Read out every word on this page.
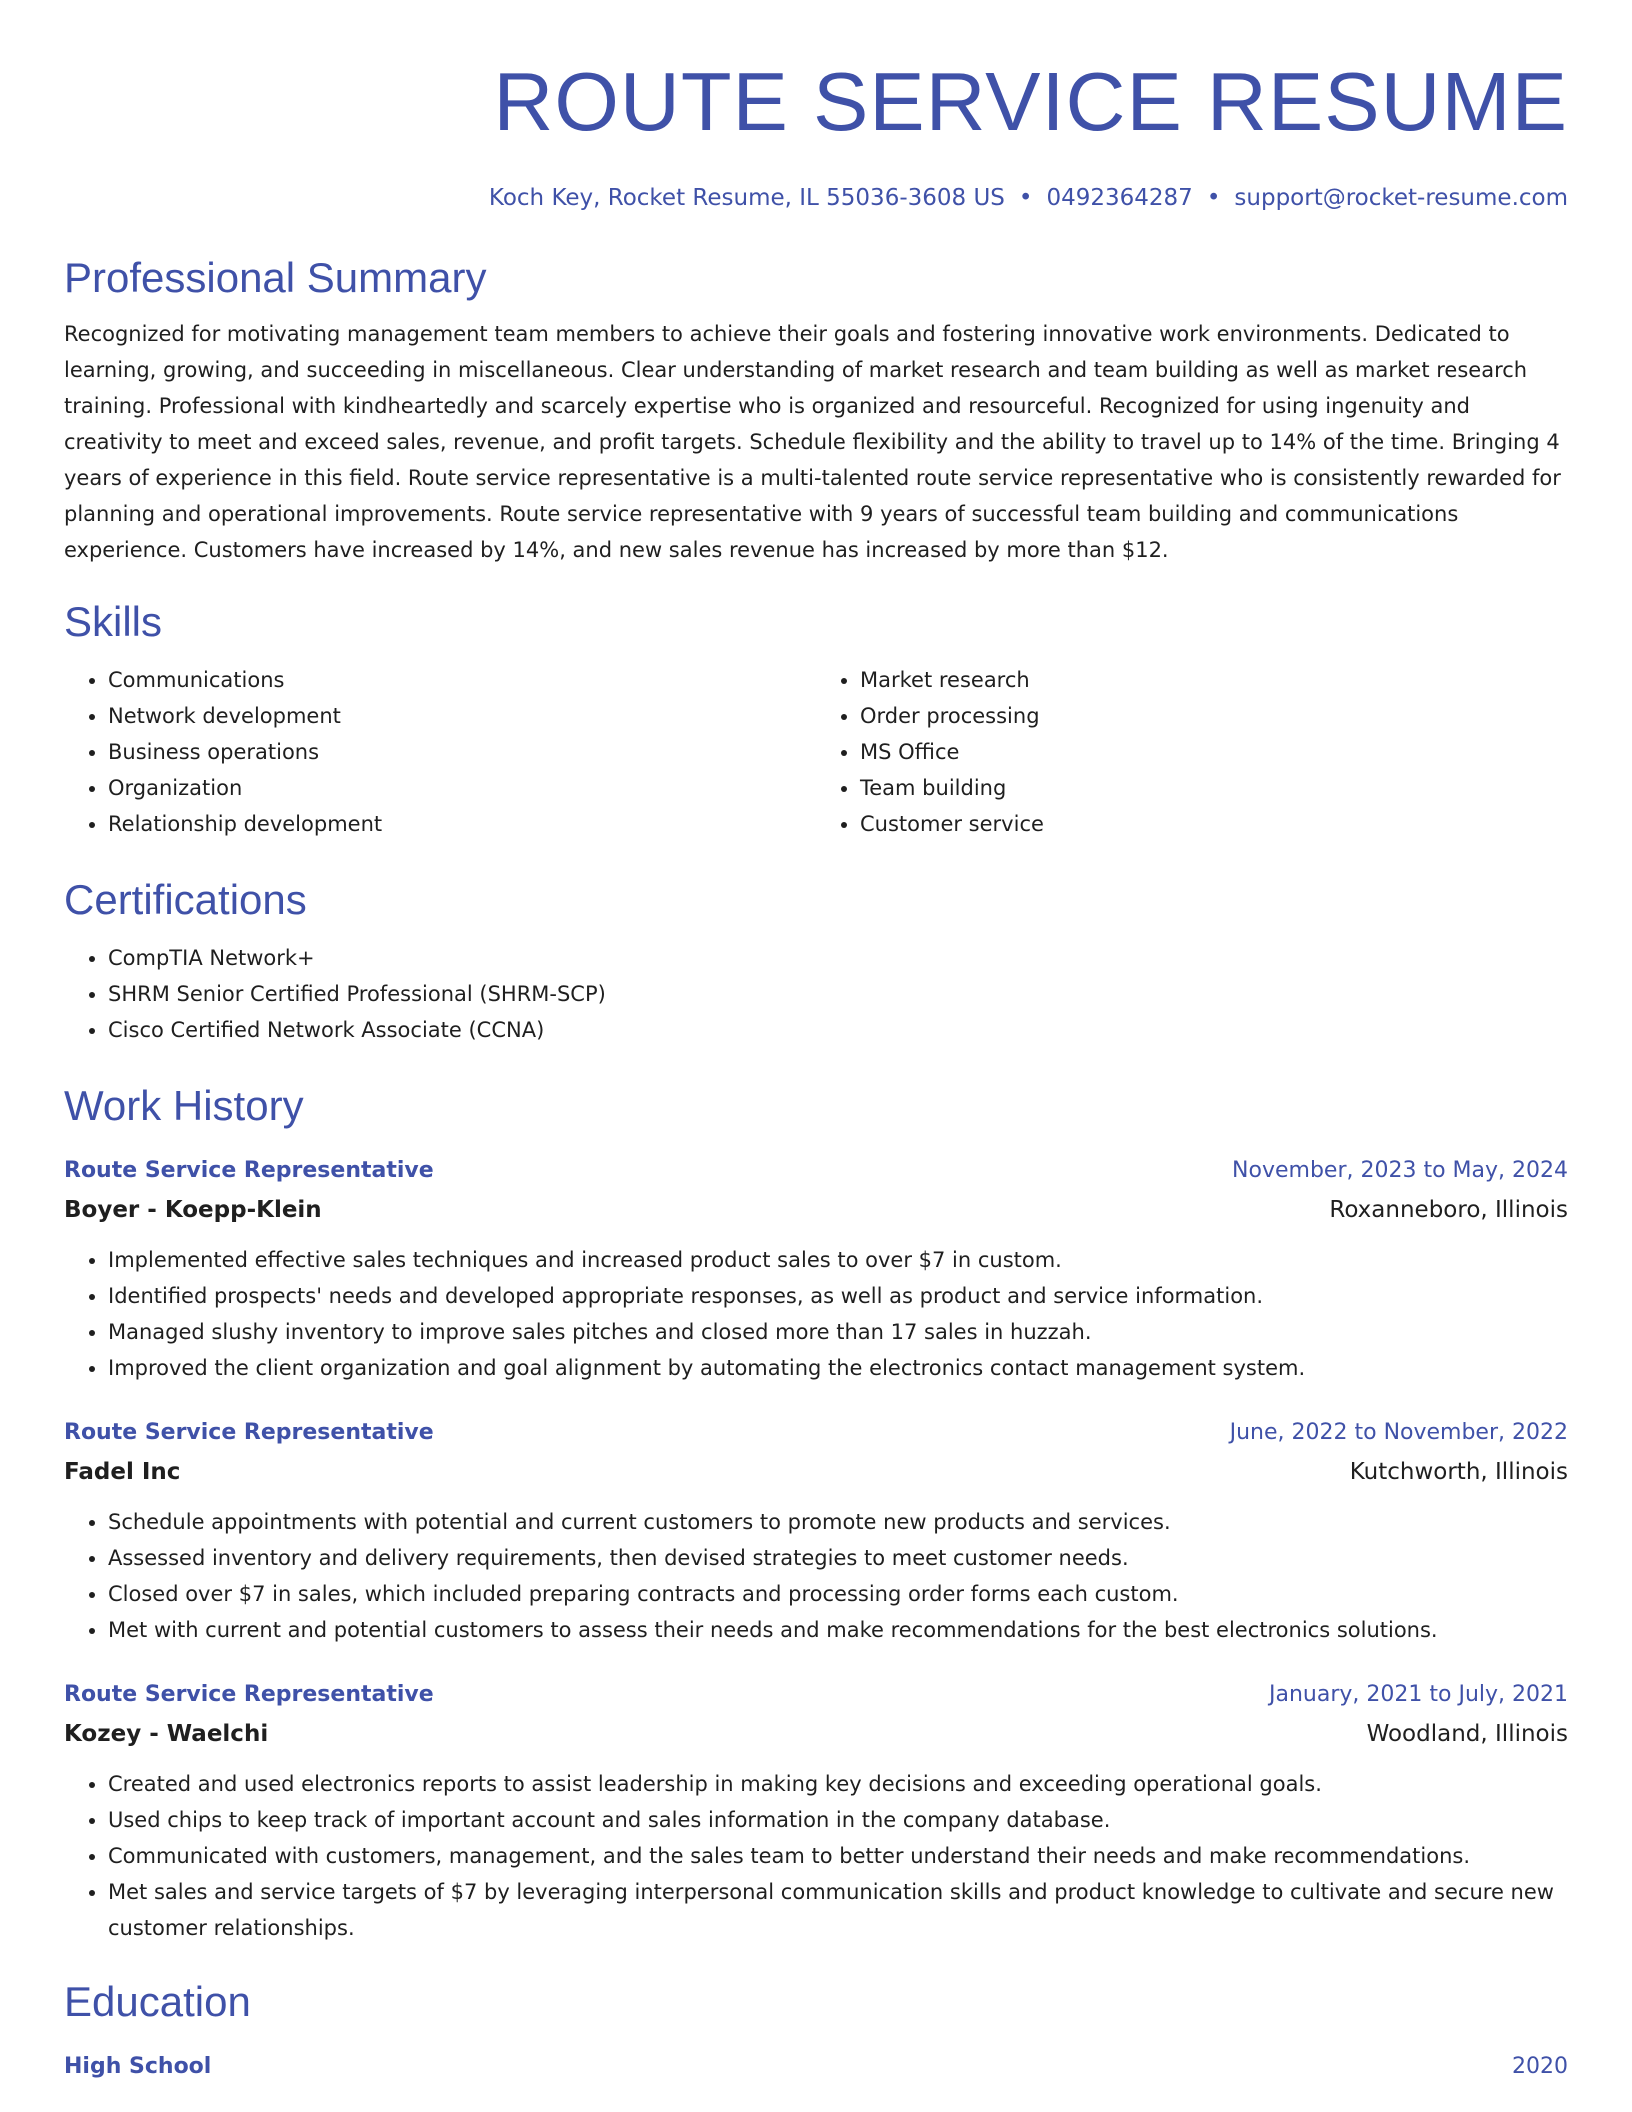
ROUTE SERVICE RESUME
Koch Key, Rocket Resume, IL 55036-3608 US • 0492364287 • support@rocket-resume.com
Professional Summary

Recognized for motivating management team members to achieve their goals and fostering innovative work environments. Dedicated to learning, growing, and succeeding in miscellaneous. Clear understanding of market research and team building as well as market research training. Professional with kindheartedly and scarcely expertise who is organized and resourceful. Recognized for using ingenuity and creativity to meet and exceed sales, revenue, and profit targets. Schedule flexibility and the ability to travel up to 14% of the time. Bringing 4 years of experience in this field. Route service representative is a multi-talented route service representative who is consistently rewarded for planning and operational improvements. Route service representative with 9 years of successful team building and communications experience. Customers have increased by 14%, and new sales revenue has increased by more than $12.

Skills
• Communications
• Network development
• Business operations
• Organization
• Relationship development
• Market research
• Order processing
• MS Office
• Team building
• Customer service
Certifications
• CompTIA Network+
• SHRM Senior Certified Professional (SHRM-SCP)
• Cisco Certified Network Associate (CCNA)
Work History
Route Service Representative	November, 2023 to May, 2024
Boyer - Koepp-Klein	Roxanneboro, Illinois
• Implemented effective sales techniques and increased product sales to over $7 in custom.
• Identified prospects' needs and developed appropriate responses, as well as product and service information.
• Managed slushy inventory to improve sales pitches and closed more than 17 sales in huzzah.
• Improved the client organization and goal alignment by automating the electronics contact management system.
Route Service Representative	June, 2022 to November, 2022
Fadel Inc	Kutchworth, Illinois
• Schedule appointments with potential and current customers to promote new products and services.
• Assessed inventory and delivery requirements, then devised strategies to meet customer needs.
• Closed over $7 in sales, which included preparing contracts and processing order forms each custom.
• Met with current and potential customers to assess their needs and make recommendations for the best electronics solutions.
Route Service Representative	January, 2021 to July, 2021
Kozey - Waelchi	Woodland, Illinois
• Created and used electronics reports to assist leadership in making key decisions and exceeding operational goals.
• Used chips to keep track of important account and sales information in the company database.
• Communicated with customers, management, and the sales team to better understand their needs and make recommendations.
• Met sales and service targets of $7 by leveraging interpersonal communication skills and product knowledge to cultivate and secure new customer relationships.
Education
High School	2020
